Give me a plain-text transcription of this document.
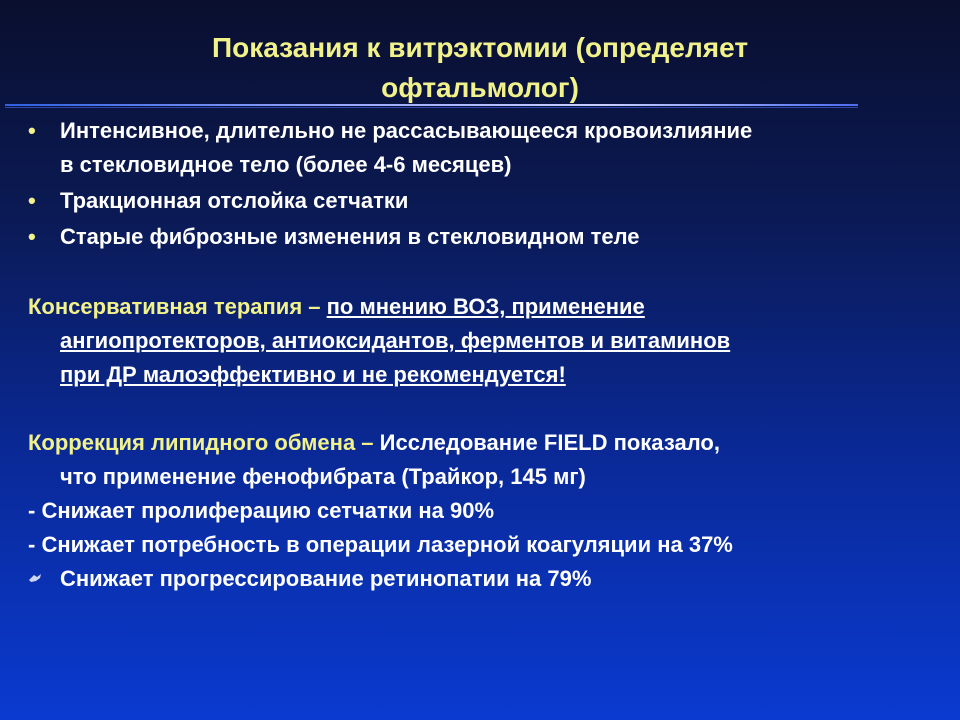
Показания к витрэктомии (определяет
офтальмолог)
• Интенсивное, длительно не рассасывающееся кровоизлияние
в стекловидное тело (более 4-6 месяцев)
• Тракционная отслойка сетчатки
• Старые фиброзные изменения в стекловидном теле
Консервативная терапия – по мнению ВОЗ, применение
ангиопротекторов, антиоксидантов, ферментов и витаминов
при ДР малоэффективно и не рекомендуется!
Коррекция липидного обмена – Исследование FIELD показало,
что применение фенофибрата (Трайкор, 145 мг)
- Снижает пролиферацию сетчатки на 90%
- Снижает потребность в операции лазерной коагуляции на 37%
Снижает прогрессирование ретинопатии на 79%
